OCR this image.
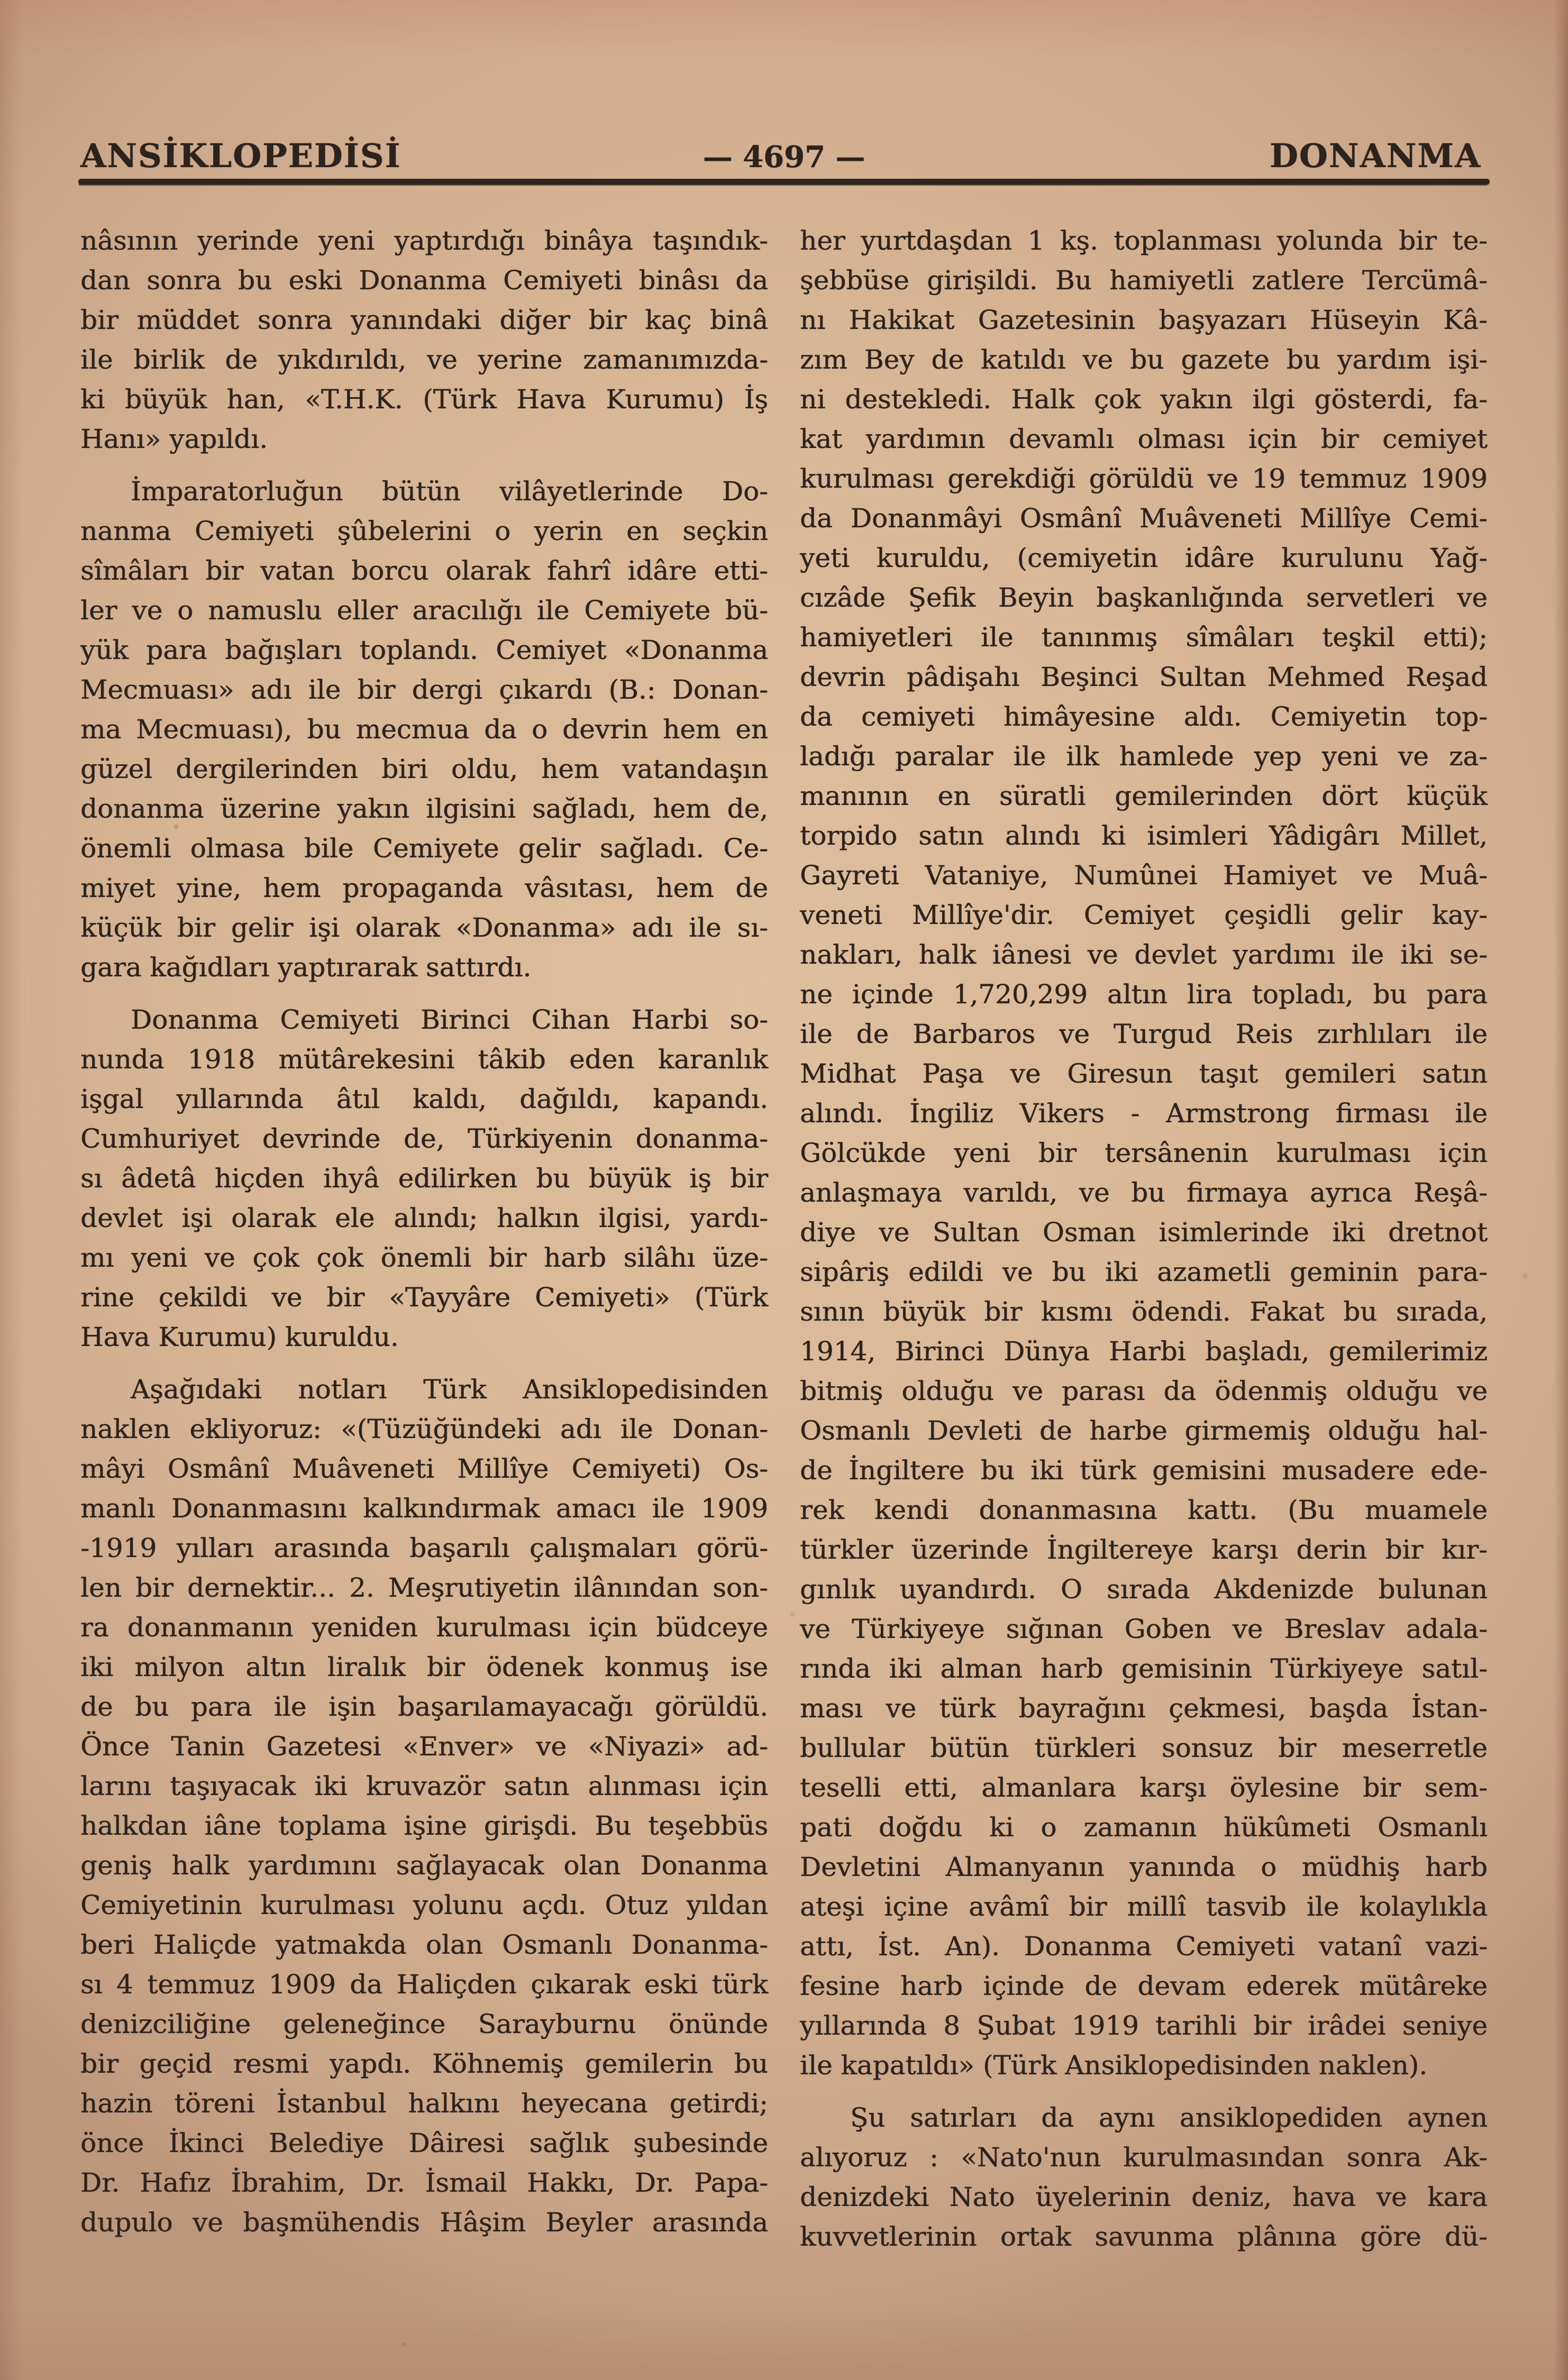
ANSİKLOPEDİSİ	— 4697 —	DONANMA
nâsının yerinde yeni yaptırdığı binâya taşındık-
dan sonra bu eski Donanma Cemiyeti binâsı da
bir müddet sonra yanındaki diğer bir kaç binâ
ile birlik de yıkdırıldı, ve yerine zamanımızda-
ki büyük han, «T.H.K. (Türk Hava Kurumu) İş
Hanı» yapıldı.
İmparatorluğun bütün vilâyetlerinde Do-
nanma Cemiyeti şûbelerini o yerin en seçkin
sîmâları bir vatan borcu olarak fahrî idâre etti-
ler ve o namuslu eller aracılığı ile Cemiyete bü-
yük para bağışları toplandı. Cemiyet «Donanma
Mecmuası» adı ile bir dergi çıkardı (B.: Donan-
ma Mecmuası), bu mecmua da o devrin hem en
güzel dergilerinden biri oldu, hem vatandaşın
donanma üzerine yakın ilgisini sağladı, hem de,
önemli olmasa bile Cemiyete gelir sağladı. Ce-
miyet yine, hem propaganda vâsıtası, hem de
küçük bir gelir işi olarak «Donanma» adı ile sı-
gara kağıdları yaptırarak sattırdı.
Donanma Cemiyeti Birinci Cihan Harbi so-
nunda 1918 mütârekesini tâkib eden karanlık
işgal yıllarında âtıl kaldı, dağıldı, kapandı.
Cumhuriyet devrinde de, Türkiyenin donanma-
sı âdetâ hiçden ihyâ edilirken bu büyük iş bir
devlet işi olarak ele alındı; halkın ilgisi, yardı-
mı yeni ve çok çok önemli bir harb silâhı üze-
rine çekildi ve bir «Tayyâre Cemiyeti» (Türk
Hava Kurumu) kuruldu.
Aşağıdaki notları Türk Ansiklopedisinden
naklen ekliyoruz: «(Tüzüğündeki adı ile Donan-
mâyi Osmânî Muâveneti Millîye Cemiyeti) Os-
manlı Donanmasını kalkındırmak amacı ile 1909
-1919 yılları arasında başarılı çalışmaları görü-
len bir dernektir... 2. Meşrutiyetin ilânından son-
ra donanmanın yeniden kurulması için büdceye
iki milyon altın liralık bir ödenek konmuş ise
de bu para ile işin başarılamayacağı görüldü.
Önce Tanin Gazetesi «Enver» ve «Niyazi» ad-
larını taşıyacak iki kruvazör satın alınması için
halkdan iâne toplama işine girişdi. Bu teşebbüs
geniş halk yardımını sağlayacak olan Donanma
Cemiyetinin kurulması yolunu açdı. Otuz yıldan
beri Haliçde yatmakda olan Osmanlı Donanma-
sı 4 temmuz 1909 da Haliçden çıkarak eski türk
denizciliğine geleneğince Sarayburnu önünde
bir geçid resmi yapdı. Köhnemiş gemilerin bu
hazin töreni İstanbul halkını heyecana getirdi;
önce İkinci Belediye Dâiresi sağlık şubesinde
Dr. Hafız İbrahim, Dr. İsmail Hakkı, Dr. Papa-
dupulo ve başmühendis Hâşim Beyler arasında
her yurtdaşdan 1 kş. toplanması yolunda bir te-
şebbüse girişildi. Bu hamiyetli zatlere Tercümâ-
nı Hakikat Gazetesinin başyazarı Hüseyin Kâ-
zım Bey de katıldı ve bu gazete bu yardım işi-
ni destekledi. Halk çok yakın ilgi gösterdi, fa-
kat yardımın devamlı olması için bir cemiyet
kurulması gerekdiği görüldü ve 19 temmuz 1909
da Donanmâyi Osmânî Muâveneti Millîye Cemi-
yeti kuruldu, (cemiyetin idâre kurulunu Yağ-
cızâde Şefik Beyin başkanlığında servetleri ve
hamiyetleri ile tanınmış sîmâları teşkil etti);
devrin pâdişahı Beşinci Sultan Mehmed Reşad
da cemiyeti himâyesine aldı. Cemiyetin top-
ladığı paralar ile ilk hamlede yep yeni ve za-
manının en süratli gemilerinden dört küçük
torpido satın alındı ki isimleri Yâdigârı Millet,
Gayreti Vataniye, Numûnei Hamiyet ve Muâ-
veneti Millîye'dir. Cemiyet çeşidli gelir kay-
nakları, halk iânesi ve devlet yardımı ile iki se-
ne içinde 1,720,299 altın lira topladı, bu para
ile de Barbaros ve Turgud Reis zırhlıları ile
Midhat Paşa ve Giresun taşıt gemileri satın
alındı. İngiliz Vikers - Armstrong firması ile
Gölcükde yeni bir tersânenin kurulması için
anlaşmaya varıldı, ve bu firmaya ayrıca Reşâ-
diye ve Sultan Osman isimlerinde iki dretnot
sipâriş edildi ve bu iki azametli geminin para-
sının büyük bir kısmı ödendi. Fakat bu sırada,
1914, Birinci Dünya Harbi başladı, gemilerimiz
bitmiş olduğu ve parası da ödenmiş olduğu ve
Osmanlı Devleti de harbe girmemiş olduğu hal-
de İngiltere bu iki türk gemisini musadere ede-
rek kendi donanmasına kattı. (Bu muamele
türkler üzerinde İngiltereye karşı derin bir kır-
gınlık uyandırdı. O sırada Akdenizde bulunan
ve Türkiyeye sığınan Goben ve Breslav adala-
rında iki alman harb gemisinin Türkiyeye satıl-
ması ve türk bayrağını çekmesi, başda İstan-
bullular bütün türkleri sonsuz bir meserretle
teselli etti, almanlara karşı öylesine bir sem-
pati doğdu ki o zamanın hükûmeti Osmanlı
Devletini Almanyanın yanında o müdhiş harb
ateşi içine avâmî bir millî tasvib ile kolaylıkla
attı, İst. An). Donanma Cemiyeti vatanî vazi-
fesine harb içinde de devam ederek mütâreke
yıllarında 8 Şubat 1919 tarihli bir irâdei seniye
ile kapatıldı» (Türk Ansiklopedisinden naklen).
Şu satırları da aynı ansiklopediden aynen
alıyoruz : «Nato'nun kurulmasından sonra Ak-
denizdeki Nato üyelerinin deniz, hava ve kara
kuvvetlerinin ortak savunma plânına göre dü-
